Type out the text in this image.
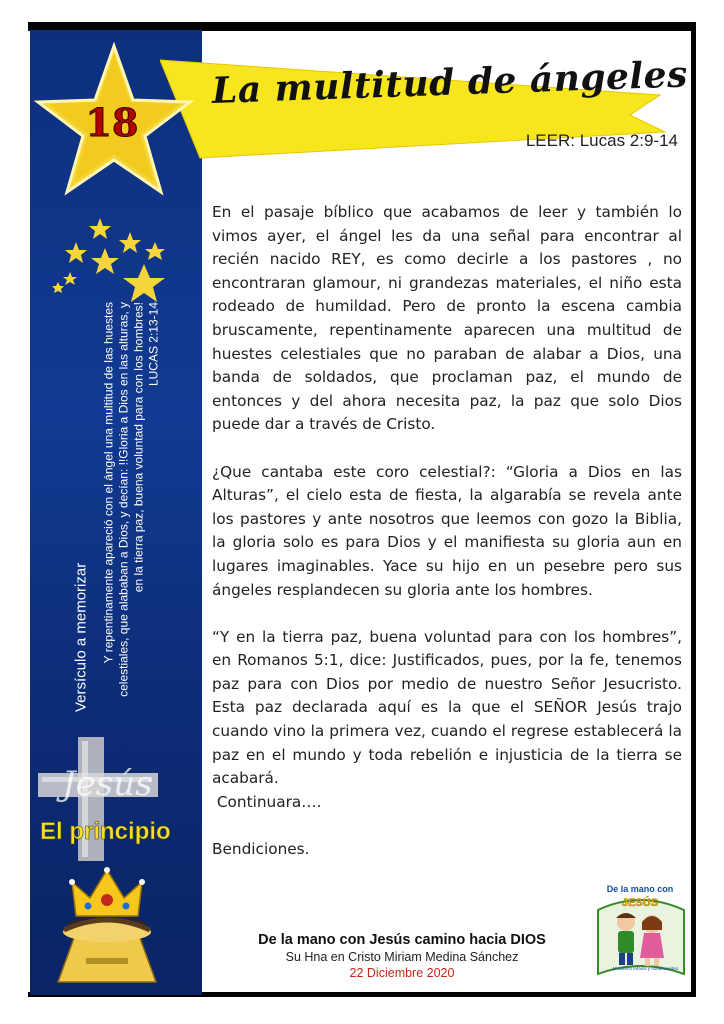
18
La multitud de ángeles
LEER: Lucas 2:9-14
Versículo a memorizar Y repentinamente apareció con el ángel una multitud de las huestes celestiales, que alababan a Dios, y decían: !!Gloria a Dios en las alturas, y en la tierra paz, buena voluntad para con los hombres!
LUCAS 2:13-14
Jesús
El principio

En el pasaje bíblico que acabamos de leer y también lo vimos ayer, el ángel les da una señal para encontrar al recién nacido REY, es como decirle a los pastores , no encontraran glamour, ni grandezas materiales, el niño esta rodeado de humildad. Pero de pronto la escena cambia bruscamente, repentinamente aparecen una multitud de huestes celestiales que no paraban de alabar a Dios, una banda de soldados, que proclaman paz, el mundo de entonces y del ahora necesita paz, la paz que solo Dios puede dar a través de Cristo.

¿Que cantaba este coro celestial?: “Gloria a Dios en las Alturas”, el cielo esta de fiesta, la algarabía se revela ante los pastores y ante nosotros que leemos con gozo la Biblia, la gloria solo es para Dios y el manifiesta su gloria aun en lugares imaginables. Yace su hijo en un pesebre pero sus ángeles resplandecen su gloria ante los hombres.

“Y en la tierra paz, buena voluntad para con los hombres”, en Romanos 5:1, dice: Justificados, pues, por la fe, tenemos paz para con Dios por medio de nuestro Señor Jesucristo. Esta paz declarada aquí es la que el SEÑOR Jesús trajo cuando vino la primera vez, cuando el regrese establecerá la paz en el mundo y toda rebelión e injusticia de la tierra se acabará.

Continuara….

Bendiciones.

De la mano con Jesús camino hacia DIOS
Su Hna en Cristo Miriam Medina Sánchez
22 Diciembre 2020
De la mano con
JESÚS
Ministerio Infantil y Adolescentes
